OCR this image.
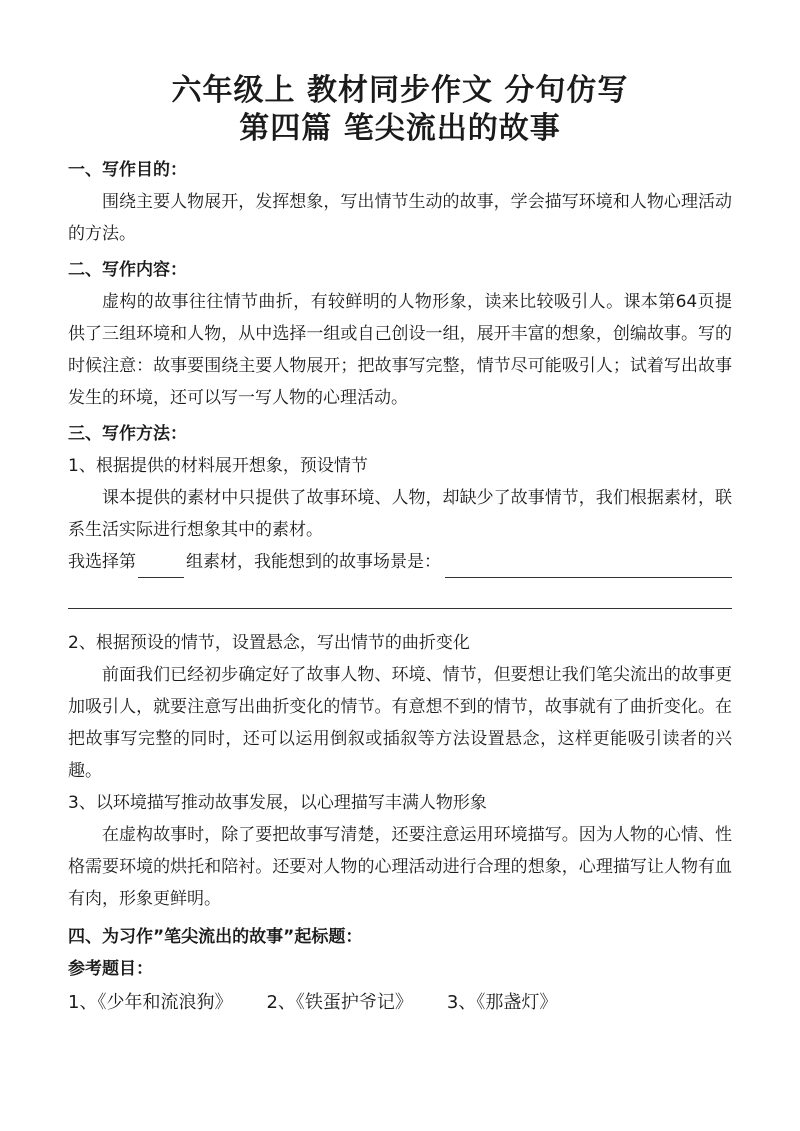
六年级上 教材同步作文 分句仿写
第四篇 笔尖流出的故事
一、写作目的：

围绕主要人物展开，发挥想象，写出情节生动的故事，学会描写环境和人物心理活动的方法。

二、写作内容：

虚构的故事往往情节曲折，有较鲜明的人物形象，读来比较吸引人。课本第64页提供了三组环境和人物，从中选择一组或自己创设一组，展开丰富的想象，创编故事。写的时候注意：故事要围绕主要人物展开；把故事写完整，情节尽可能吸引人；试着写出故事发生的环境，还可以写一写人物的心理活动。

三、写作方法：

1、根据提供的材料展开想象，预设情节

课本提供的素材中只提供了故事环境、人物，却缺少了故事情节，我们根据素材，联系生活实际进行想象其中的素材。

我选择第	组素材，我能想到的故事场景是：

2、根据预设的情节，设置悬念，写出情节的曲折变化

前面我们已经初步确定好了故事人物、环境、情节，但要想让我们笔尖流出的故事更加吸引人，就要注意写出曲折变化的情节。有意想不到的情节，故事就有了曲折变化。在把故事写完整的同时，还可以运用倒叙或插叙等方法设置悬念，这样更能吸引读者的兴趣。

3、以环境描写推动故事发展，以心理描写丰满人物形象

在虚构故事时，除了要把故事写清楚，还要注意运用环境描写。因为人物的心情、性格需要环境的烘托和陪衬。还要对人物的心理活动进行合理的想象，心理描写让人物有血有肉，形象更鲜明。

四、为习作”笔尖流出的故事”起标题：
参考题目：
1、《少年和流浪狗》 2、《铁蛋护爷记》 3、《那盏灯》
